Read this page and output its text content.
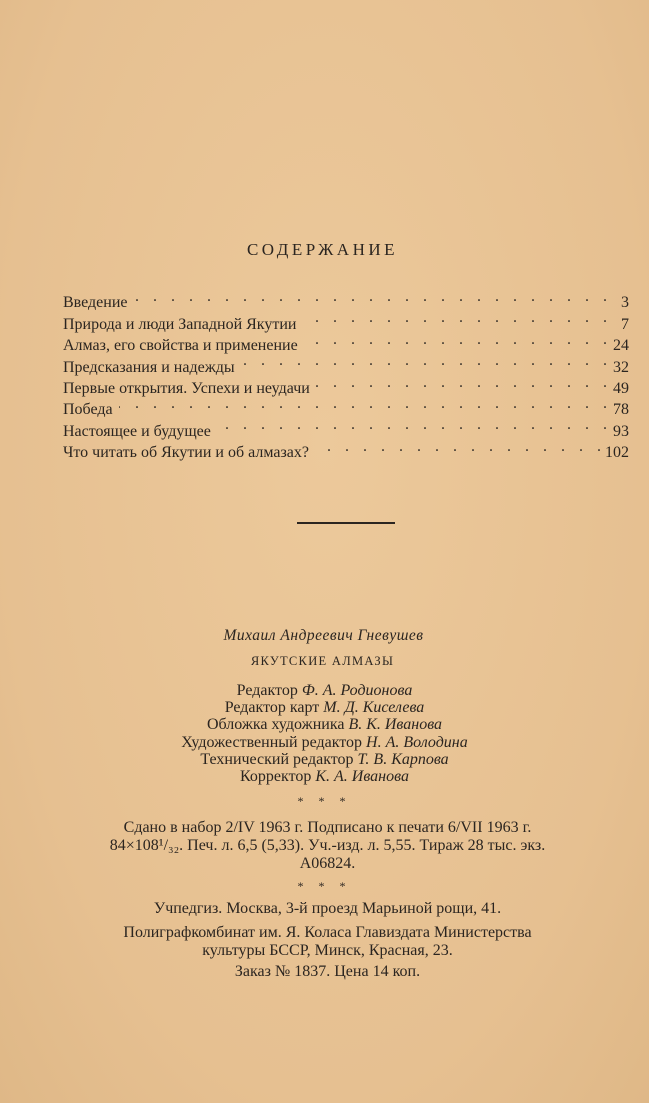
СОДЕРЖАНИЕ
Введение . . .	3
Природа и люди Западной Якутии . . .	7
Алмаз, его свойства и применение . . .	24
Предсказания и надежды . . .	32
Первые открытия. Успехи и неудачи . . .	49
Победа . . .	78
Настоящее и будущее . . .	93
Что читать об Якутии и об алмазах? . . .	102
Михаил Андреевич Гневушев
ЯКУТСКИЕ АЛМАЗЫ
Редактор Ф. А. Родионова
Редактор карт М. Д. Киселева
Обложка художника В. К. Иванова
Художественный редактор Н. А. Володина
Технический редактор Т. В. Карпова
Корректор К. А. Иванова
* * *
Сдано в набор 2/IV 1963 г. Подписано к печати 6/VII 1963 г.
84×108¹/₃₂. Печ. л. 6,5 (5,33). Уч.-изд. л. 5,55. Тираж 28 тыс. экз.
А06824.
* * *
Учпедгиз. Москва, 3-й проезд Марьиной рощи, 41.
Полиграфкомбинат им. Я. Коласа Главиздата Министерства
культуры БССР, Минск, Красная, 23.
Заказ № 1837. Цена 14 коп.
